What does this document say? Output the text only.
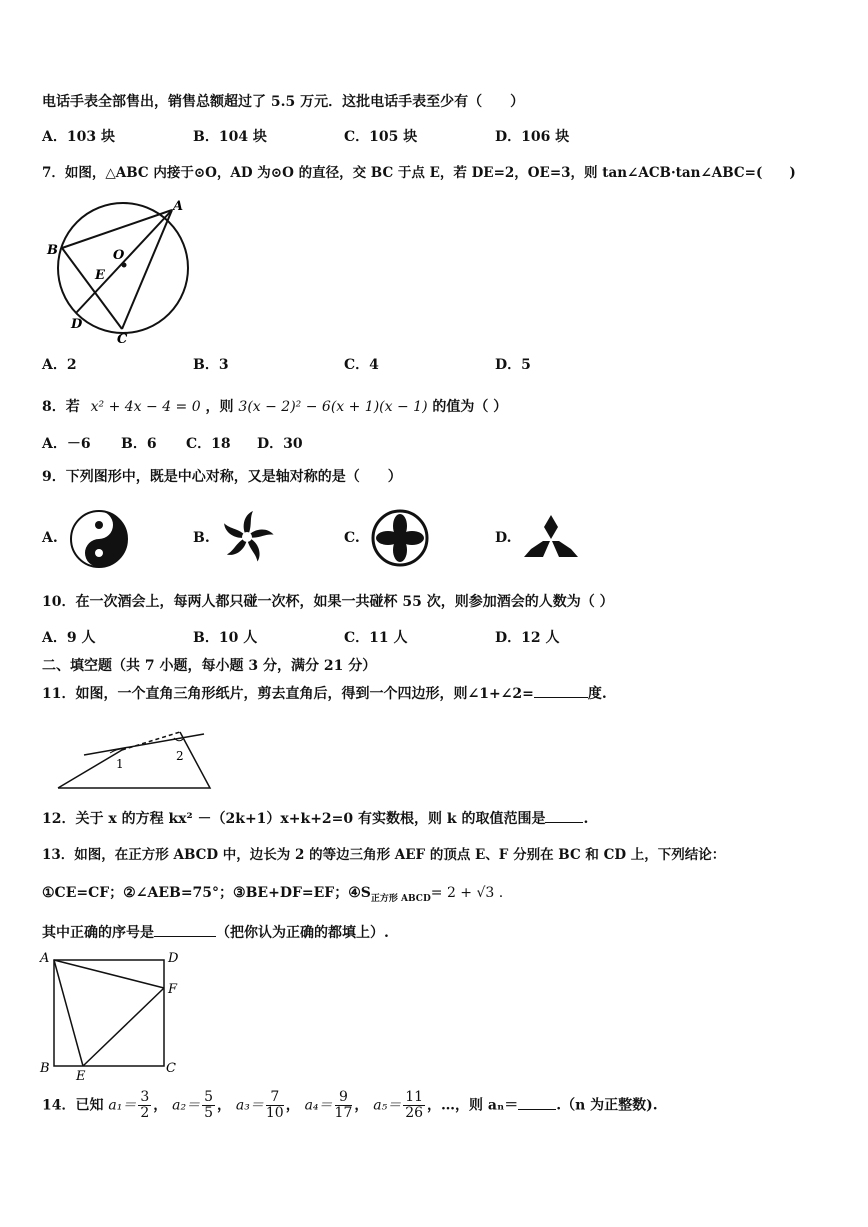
电话手表全部售出，销售总额超过了 5.5 万元．这批电话手表至少有（　　）
A．103 块	B．104 块	C．105 块	D．106 块
7．如图，△ABC 内接于⊙O，AD 为⊙O 的直径，交 BC 于点 E，若 DE=2，OE=3，则 tan∠ACB·tan∠ABC=(　　)
A
B
C
D
E
O
A．2	B．3	C．4	D．5
8．若 x² + 4x − 4 = 0 ，则 3(x − 2)² − 6(x + 1)(x − 1) 的值为（ ）
A．－6 B．6 C．18 D．30
9．下列图形中，既是中心对称，又是轴对称的是（　　）
A.	B.	C.	D.
10．在一次酒会上，每两人都只碰一次杯，如果一共碰杯 55 次，则参加酒会的人数为（ ）
A．9 人	B．10 人	C．11 人	D．12 人
二、填空题（共 7 小题，每小题 3 分，满分 21 分）
11．如图，一个直角三角形纸片，剪去直角后，得到一个四边形，则∠1+∠2=	度.
1
2
12．关于 x 的方程 kx² －（2k+1）x+k+2=0 有实数根，则 k 的取值范围是	.
13．如图，在正方形 ABCD 中，边长为 2 的等边三角形 AEF 的顶点 E、F 分别在 BC 和 CD 上，下列结论：
①CE=CF；②∠AEB=75°；③BE+DF=EF；$④S_{正方形 ABCD}= 2 + √3$ .
其中正确的序号是	（把你认为正确的都填上）.
A	D
F
B	C
E
14．已知 $a_1= \frac{3}{2}$ ， $a_2= \frac{5}{5}$ ， $a_3= \frac{7}{10}$ ， $a_4= \frac{9}{17}$ ， $a_5= \frac{11}{26}$ ，…，则 aₙ＝	.（n 为正整数).
